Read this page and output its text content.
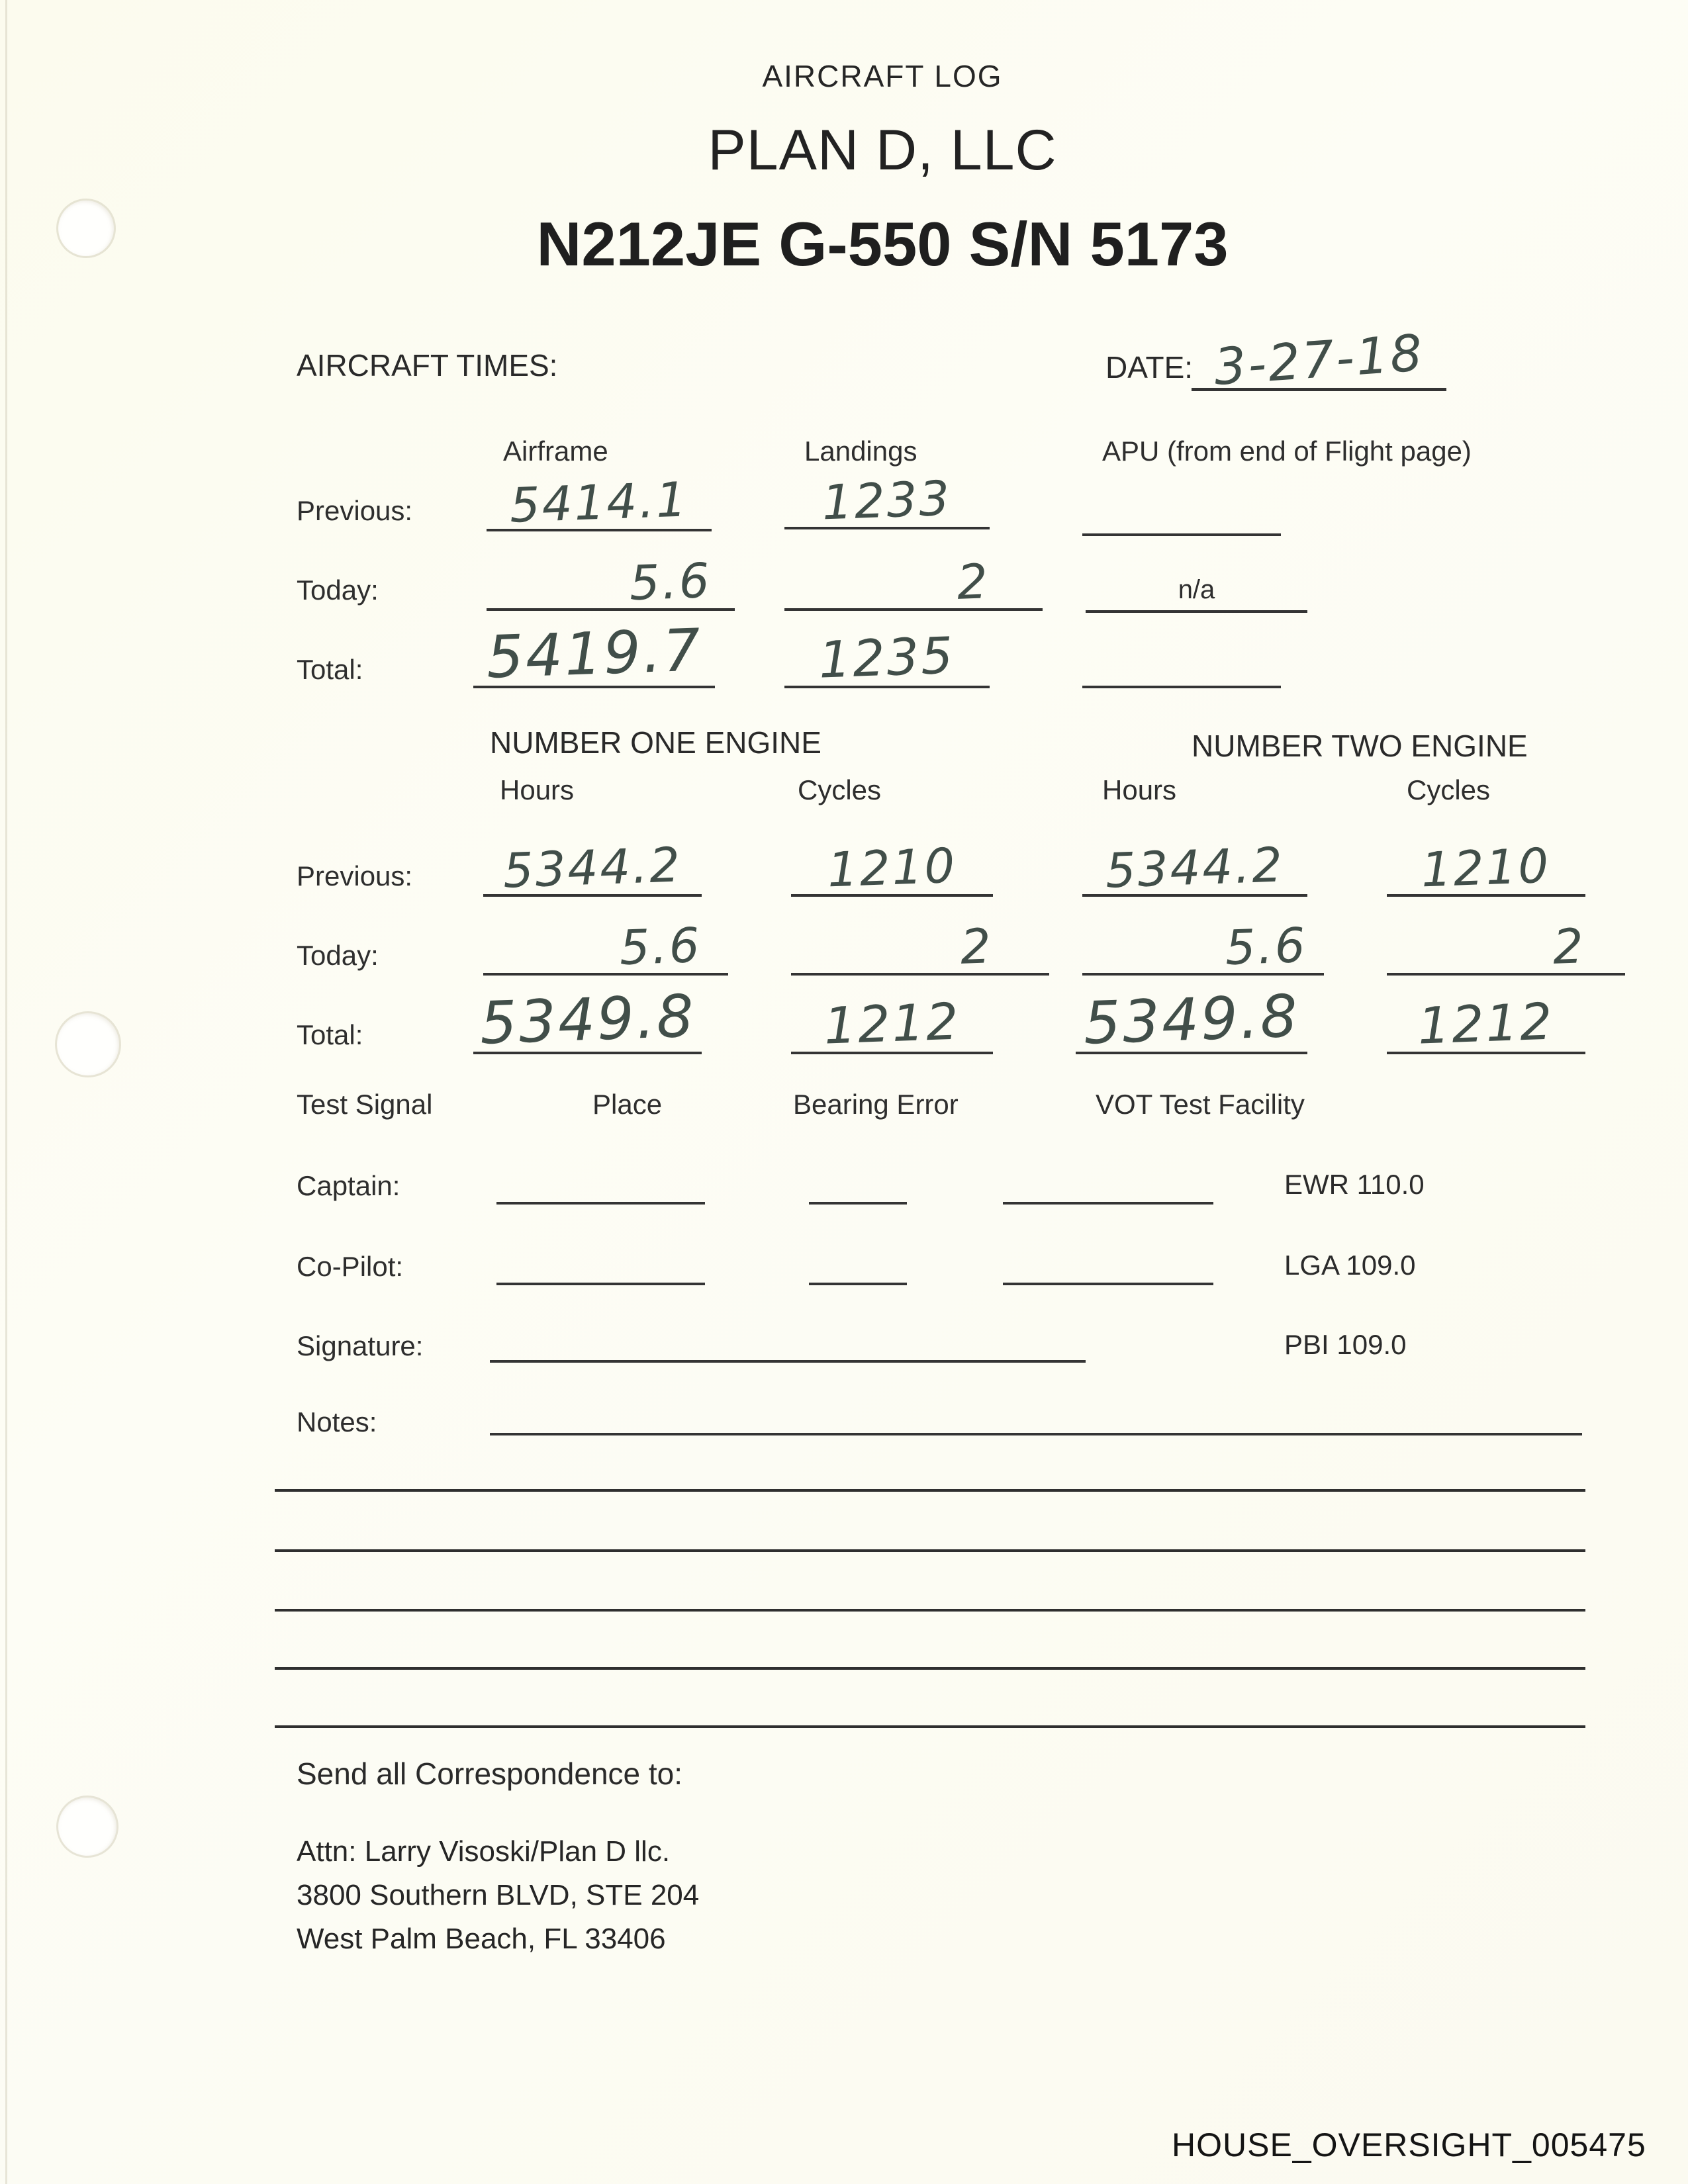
AIRCRAFT LOG
PLAN D, LLC
N212JE G-550 S/N 5173
AIRCRAFT TIMES:	DATE: 3-27-18
Airframe	Landings	APU (from end of Flight page)
Previous: 5414.1	1233
Today:	5.6	2	n/a
Total: 5419.7 1235
NUMBER ONE ENGINE	NUMBER TWO ENGINE
Hours	Cycles	Hours	Cycles
Previous: 5344.2	1210	5344.2	1210
Today:	5.6	2	5.6	2
Total: 5349.8	1212 5349.8 1212
Test Signal	Place	Bearing Error	VOT Test Facility
Captain:	EWR 110.0
Co-Pilot:	LGA 109.0
Signature:	PBI 109.0
Notes:
Send all Correspondence to:
Attn: Larry Visoski/Plan D llc.
3800 Southern BLVD, STE 204
West Palm Beach, FL 33406
HOUSE_OVERSIGHT_005475
